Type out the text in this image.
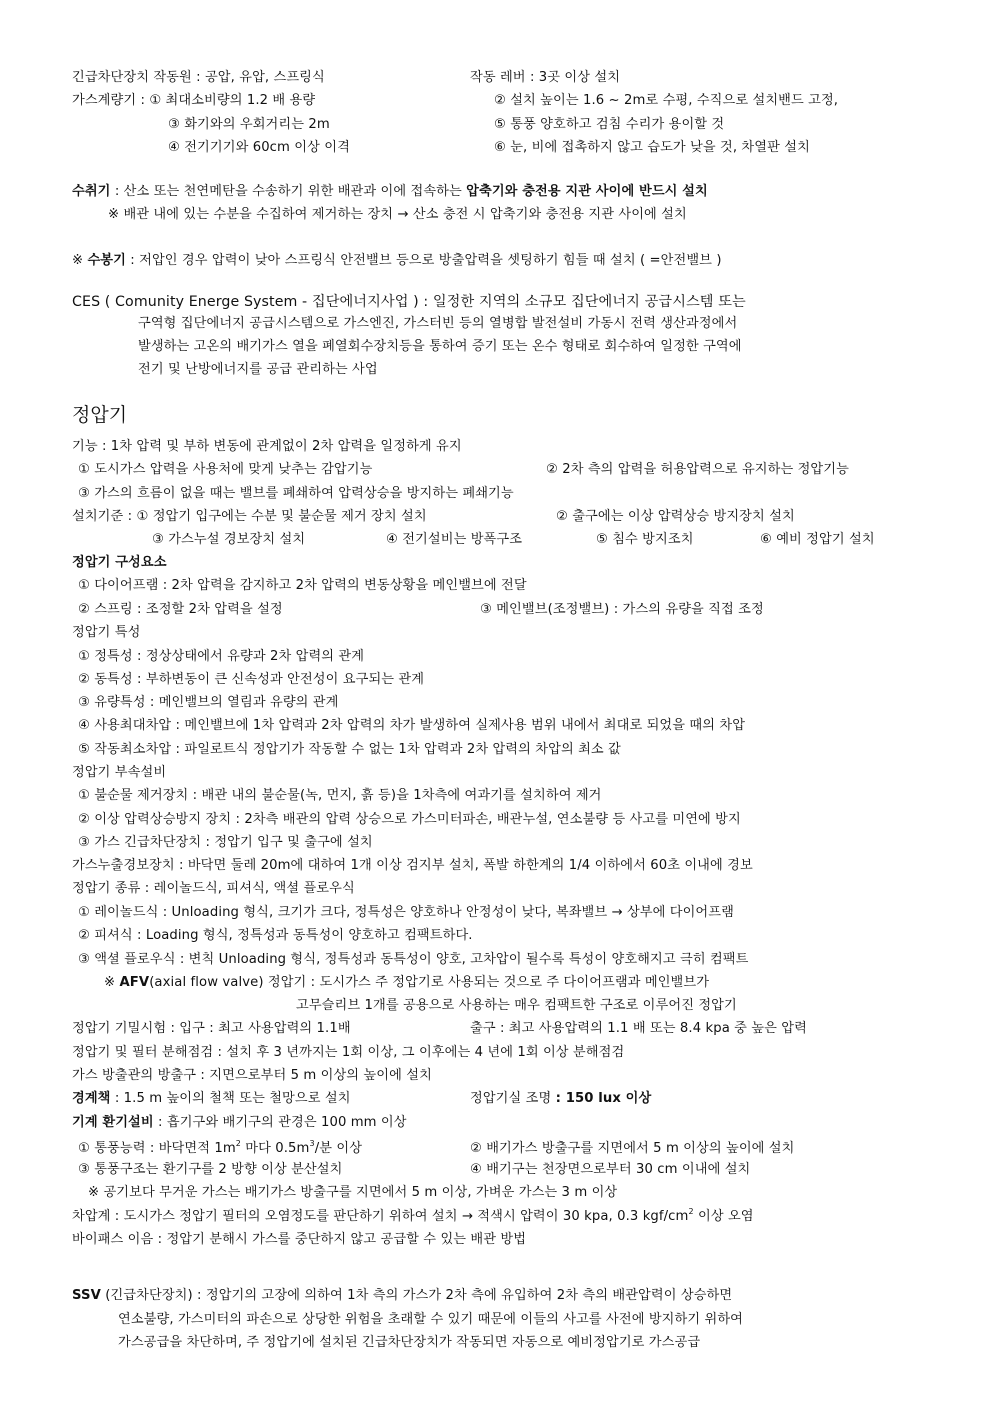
긴급차단장치 작동원 : 공압, 유압, 스프링식	작동 레버 : 3곳 이상 설치
가스계량기 : ① 최대소비량의 1.2 배 용량	② 설치 높이는 1.6 ~ 2m로 수평, 수직으로 설치밴드 고정,
③ 화기와의 우회거리는 2m	⑤ 통풍 양호하고 검침 수리가 용이할 것
④ 전기기기와 60cm 이상 이격	⑥ 눈, 비에 접촉하지 않고 습도가 낮을 것, 차열판 설치
수취기 : 산소 또는 천연메탄을 수송하기 위한 배관과 이에 접속하는 압축기와 충전용 지관 사이에 반드시 설치
※ 배관 내에 있는 수분을 수집하여 제거하는 장치 → 산소 충전 시 압축기와 충전용 지관 사이에 설치
※ 수봉기 : 저압인 경우 압력이 낮아 스프링식 안전밸브 등으로 방출압력을 셋팅하기 힘들 때 설치 ( =안전밸브 )
CES ( Comunity Energe System - 집단에너지사업 ) : 일정한 지역의 소규모 집단에너지 공급시스템 또는
구역형 집단에너지 공급시스템으로 가스엔진, 가스터빈 등의 열병합 발전설비 가동시 전력 생산과정에서
발생하는 고온의 배기가스 열을 폐열회수장치등을 통하여 증기 또는 온수 형태로 회수하여 일정한 구역에
전기 및 난방에너지를 공급 관리하는 사업
정압기
기능 : 1차 압력 및 부하 변동에 관계없이 2차 압력을 일정하게 유지
① 도시가스 압력을 사용처에 맞게 낮추는 감압기능	② 2차 측의 압력을 허용압력으로 유지하는 정압기능
③ 가스의 흐름이 없을 때는 밸브를 폐쇄하여 압력상승을 방지하는 폐쇄기능
설치기준 : ① 정압기 입구에는 수분 및 불순물 제거 장치 설치	② 출구에는 이상 압력상승 방지장치 설치
③ 가스누설 경보장치 설치	④ 전기설비는 방폭구조	⑤ 침수 방지조치	⑥ 예비 정압기 설치
정압기 구성요소
① 다이어프램 : 2차 압력을 감지하고 2차 압력의 변동상황을 메인밸브에 전달
② 스프링 : 조정할 2차 압력을 설정	③ 메인밸브(조정밸브) : 가스의 유량을 직접 조정
정압기 특성
① 정특성 : 정상상태에서 유량과 2차 압력의 관계
② 동특성 : 부하변동이 큰 신속성과 안전성이 요구되는 관계
③ 유량특성 : 메인밸브의 열림과 유량의 관계
④ 사용최대차압 : 메인밸브에 1차 압력과 2차 압력의 차가 발생하여 실제사용 범위 내에서 최대로 되었을 때의 차압
⑤ 작동최소차압 : 파일로트식 정압기가 작동할 수 없는 1차 압력과 2차 압력의 차압의 최소 값
정압기 부속설비
① 불순물 제거장치 : 배관 내의 불순물(녹, 먼지, 흙 등)을 1차측에 여과기를 설치하여 제거
② 이상 압력상승방지 장치 : 2차측 배관의 압력 상승으로 가스미터파손, 배관누설, 연소불량 등 사고를 미연에 방지
③ 가스 긴급차단장치 : 정압기 입구 및 출구에 설치
가스누출경보장치 : 바닥면 둘레 20m에 대하여 1개 이상 검지부 설치, 폭발 하한계의 1/4 이하에서 60초 이내에 경보
정압기 종류 : 레이놀드식, 피셔식, 액셜 플로우식
① 레이놀드식 : Unloading 형식, 크기가 크다, 정특성은 양호하나 안정성이 낮다, 복좌밸브 → 상부에 다이어프램
② 피셔식 : Loading 형식, 정특성과 동특성이 양호하고 컴팩트하다.
③ 액셜 플로우식 : 변칙 Unloading 형식, 정특성과 동특성이 양호, 고차압이 될수록 특성이 양호해지고 극히 컴팩트
※ AFV(axial flow valve) 정압기 : 도시가스 주 정압기로 사용되는 것으로 주 다이어프램과 메인밸브가
고무슬리브 1개를 공용으로 사용하는 매우 컴팩트한 구조로 이루어진 정압기
정압기 기밀시험 : 입구 : 최고 사용압력의 1.1배	출구 : 최고 사용압력의 1.1 배 또는 8.4 kpa 중 높은 압력
정압기 및 필터 분해점검 : 설치 후 3 년까지는 1회 이상, 그 이후에는 4 년에 1회 이상 분해점검
가스 방출관의 방출구 : 지면으로부터 5 m 이상의 높이에 설치
경계책 : 1.5 m 높이의 철책 또는 철망으로 설치	정압기실 조명 : 150 lux 이상
기계 환기설비 : 흡기구와 배기구의 관경은 100 mm 이상
① 통풍능력 : 바닥면적 $1m^2$ 마다 $0.5m^3/$분 이상	② 배기가스 방출구를 지면에서 5 m 이상의 높이에 설치
③ 통풍구조는 환기구를 2 방향 이상 분산설치	④ 배기구는 천장면으로부터 30 cm 이내에 설치
※ 공기보다 무거운 가스는 배기가스 방출구를 지면에서 5 m 이상, 가벼운 가스는 3 m 이상
차압계 : 도시가스 정압기 필터의 오염정도를 판단하기 위하여 설치 → 적색시 압력이 30 kpa, 0.3 kgf/$cm^2$ 이상 오염
바이패스 이음 : 정압기 분해시 가스를 중단하지 않고 공급할 수 있는 배관 방법
SSV (긴급차단장치) : 정압기의 고장에 의하여 1차 측의 가스가 2차 측에 유입하여 2차 측의 배관압력이 상승하면
연소불량, 가스미터의 파손으로 상당한 위험을 초래할 수 있기 때문에 이들의 사고를 사전에 방지하기 위하여
가스공급을 차단하며, 주 정압기에 설치된 긴급차단장치가 작동되면 자동으로 예비정압기로 가스공급
